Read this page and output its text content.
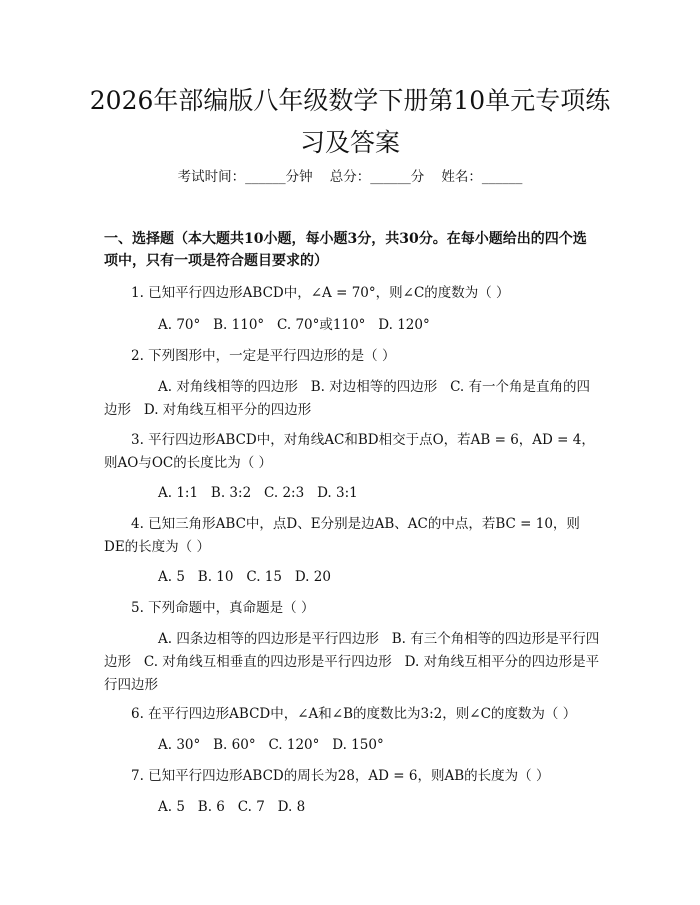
2026年部编版八年级数学下册第10单元专项练习及答案
考试时间：______分钟    总分：______分    姓名：______

一、选择题（本大题共10小题，每小题3分，共30分。在每小题给出的四个选项中，只有一项是符合题目要求的）

1. 已知平行四边形ABCD中，∠A = 70°，则∠C的度数为（ ）

A. 70°   B. 110°   C. 70°或110°   D. 120°

2. 下列图形中，一定是平行四边形的是（ ）

A. 对角线相等的四边形   B. 对边相等的四边形   C. 有一个角是直角的四边形   D. 对角线互相平分的四边形

3. 平行四边形ABCD中，对角线AC和BD相交于点O，若AB = 6，AD = 4，则AO与OC的长度比为（ ）

A. 1:1   B. 3:2   C. 2:3   D. 3:1

4. 已知三角形ABC中，点D、E分别是边AB、AC的中点，若BC = 10，则DE的长度为（ ）

A. 5   B. 10   C. 15   D. 20

5. 下列命题中，真命题是（ ）

A. 四条边相等的四边形是平行四边形   B. 有三个角相等的四边形是平行四边形   C. 对角线互相垂直的四边形是平行四边形   D. 对角线互相平分的四边形是平行四边形

6. 在平行四边形ABCD中，∠A和∠B的度数比为3:2，则∠C的度数为（ ）

A. 30°   B. 60°   C. 120°   D. 150°

7. 已知平行四边形ABCD的周长为28，AD = 6，则AB的长度为（ ）

A. 5   B. 6   C. 7   D. 8
